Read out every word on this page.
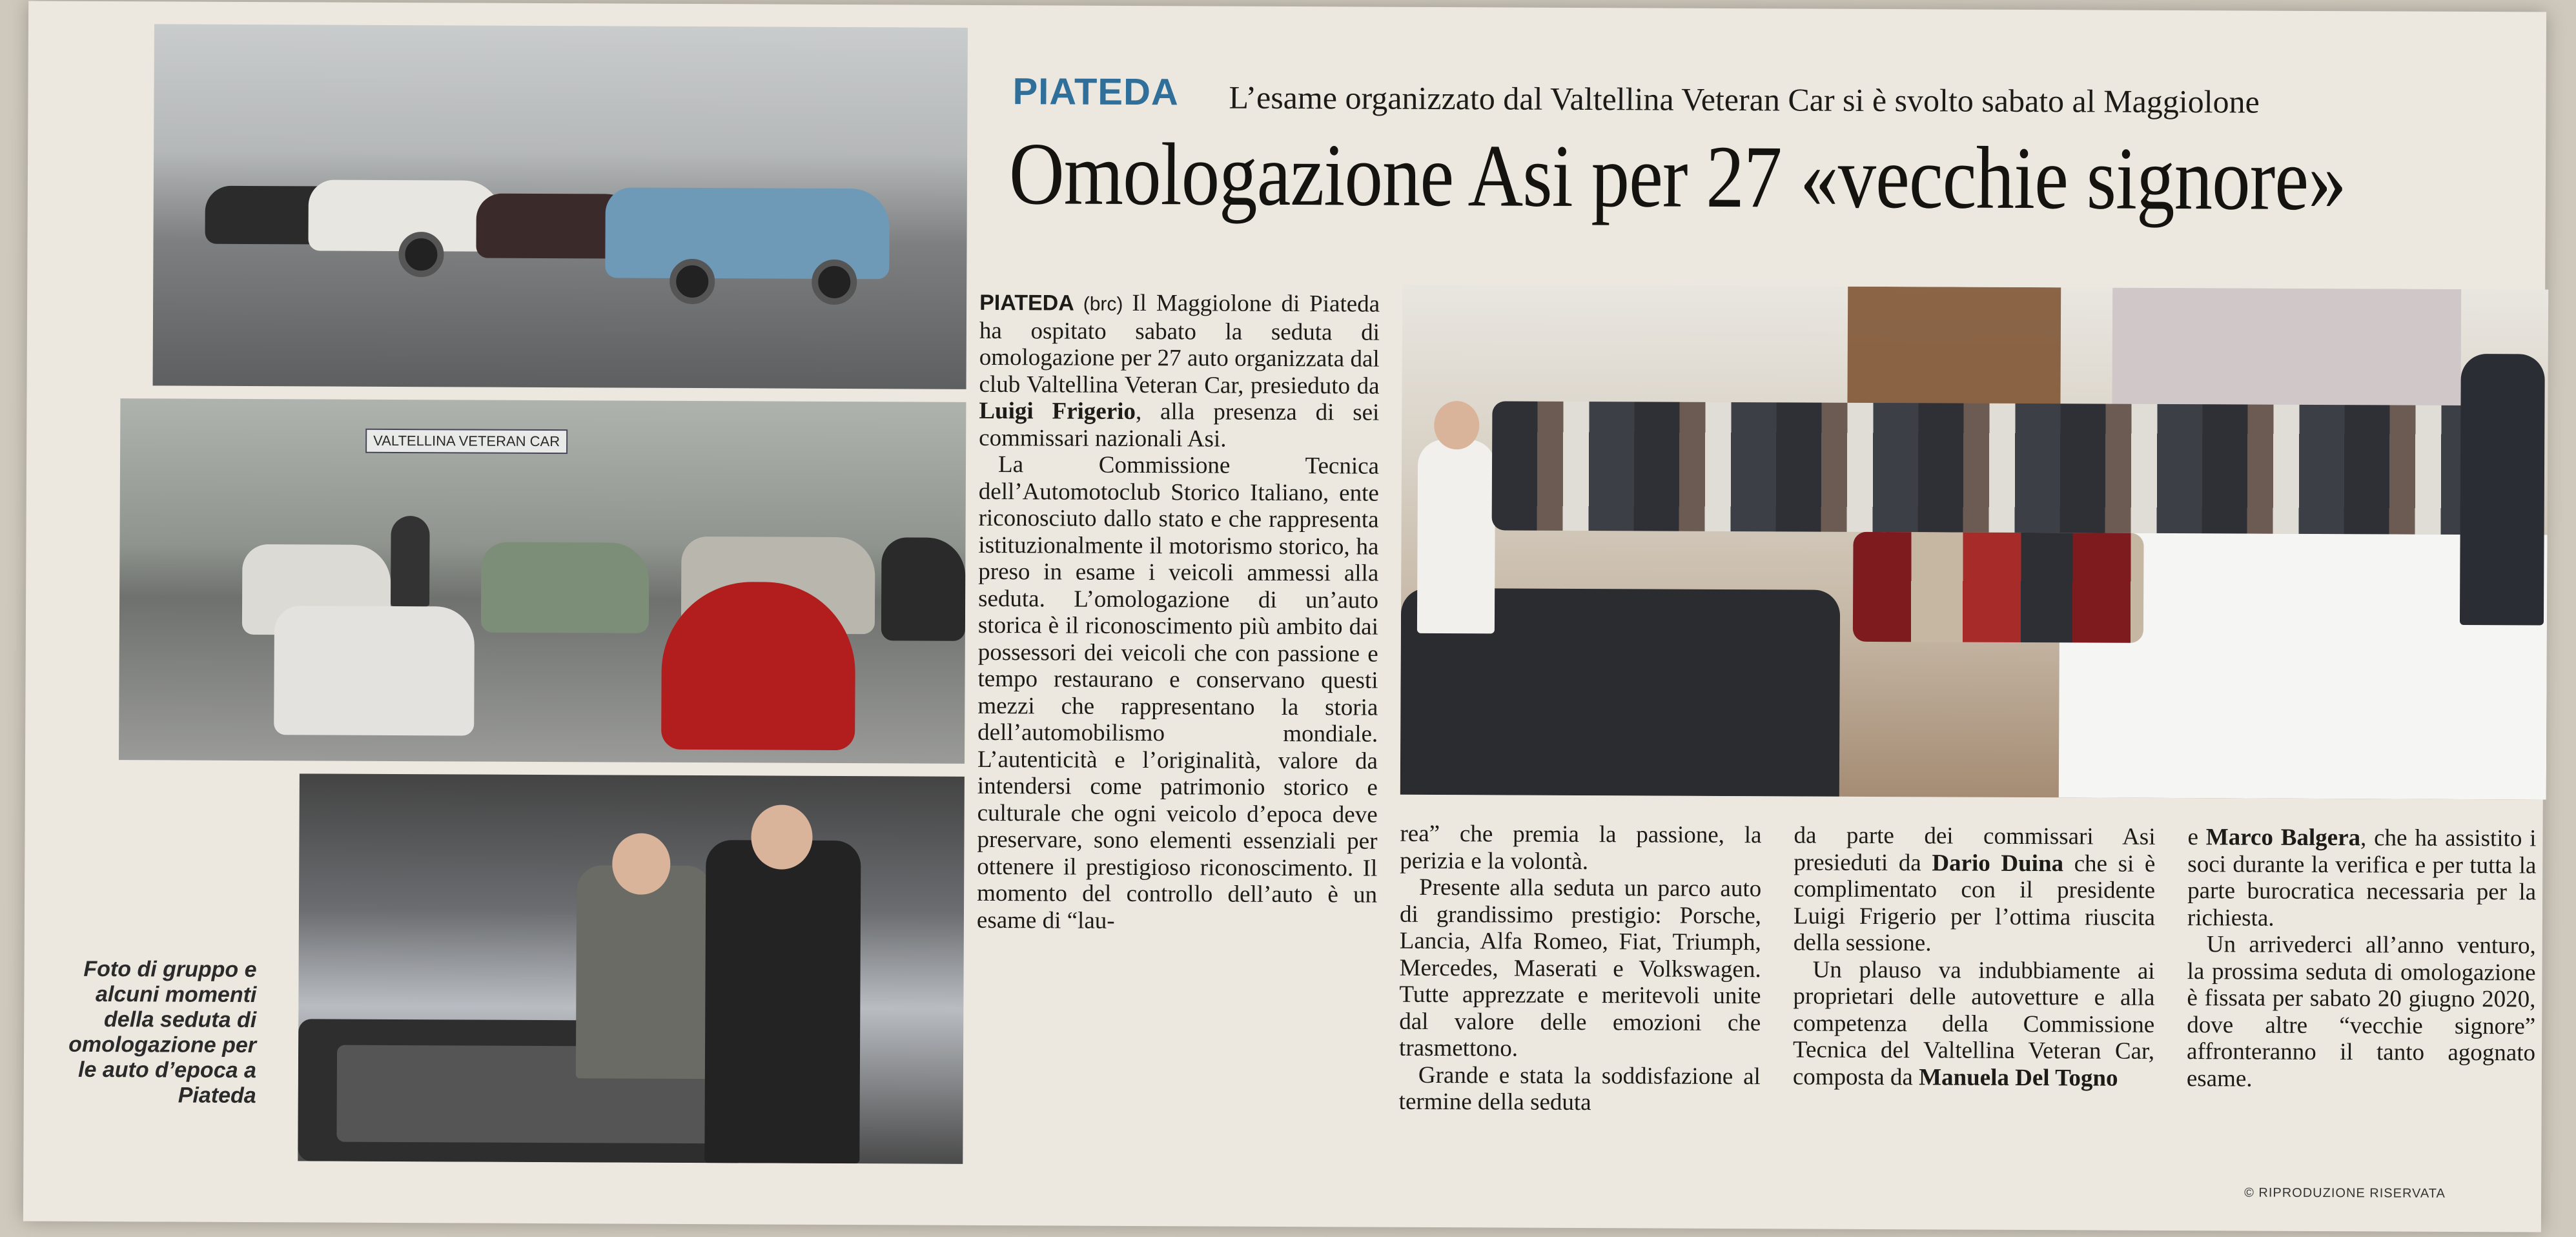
VALTELLINA VETERAN CAR
PIATEDA L’esame organizzato dal Valtellina Veteran Car si è svolto sabato al Maggiolone
Omologazione Asi per 27 «vecchie signore»

PIATEDA (brc) Il Maggiolone di Piateda ha ospitato sabato la seduta di omologazione per 27 auto organizzata dal club Valtellina Veteran Car, presieduto da Luigi Frigerio, alla presenza di sei commissari nazionali Asi.

La Commissione Tecnica dell’Automotoclub Storico Italiano, ente riconosciuto dallo stato e che rappresenta istituzionalmente il motorismo storico, ha preso in esame i veicoli ammessi alla seduta. L’omologazione di un’auto storica è il riconoscimento più ambito dai possessori dei veicoli che con passione e tempo restaurano e conservano questi mezzi che rappresentano la storia dell’automobilismo mondiale. L’autenticità e l’originalità, valore da intendersi come patrimonio storico e culturale che ogni veicolo d’epoca deve preservare, sono elementi essenziali per ottenere il prestigioso riconoscimento. Il momento del controllo dell’auto è un esame di “lau-

rea” che premia la passione, la perizia e la volontà.

Presente alla seduta un parco auto di grandissimo prestigio: Porsche, Lancia, Alfa Romeo, Fiat, Triumph, Mercedes, Maserati e Volkswagen. Tutte apprezzate e meritevoli unite dal valore delle emozioni che trasmettono.

Grande e stata la soddisfazione al termine della seduta

da parte dei commissari Asi presieduti da Dario Duina che si è complimentato con il presidente Luigi Frigerio per l’ottima riuscita della sessione.

Un plauso va indubbiamente ai proprietari delle autovetture e alla competenza della Commissione Tecnica del Valtellina Veteran Car, composta da Manuela Del Togno

e Marco Balgera, che ha assistito i soci durante la verifica e per tutta la parte burocratica necessaria per la richiesta.

Un arrivederci all’anno venturo, la prossima seduta di omologazione è fissata per sabato 20 giugno 2020, dove altre “vecchie signore” affronteranno il tanto agognato esame.

Foto di gruppo e alcuni momenti della seduta di omologazione per le auto d’epoca a Piateda
© RIPRODUZIONE RISERVATA
